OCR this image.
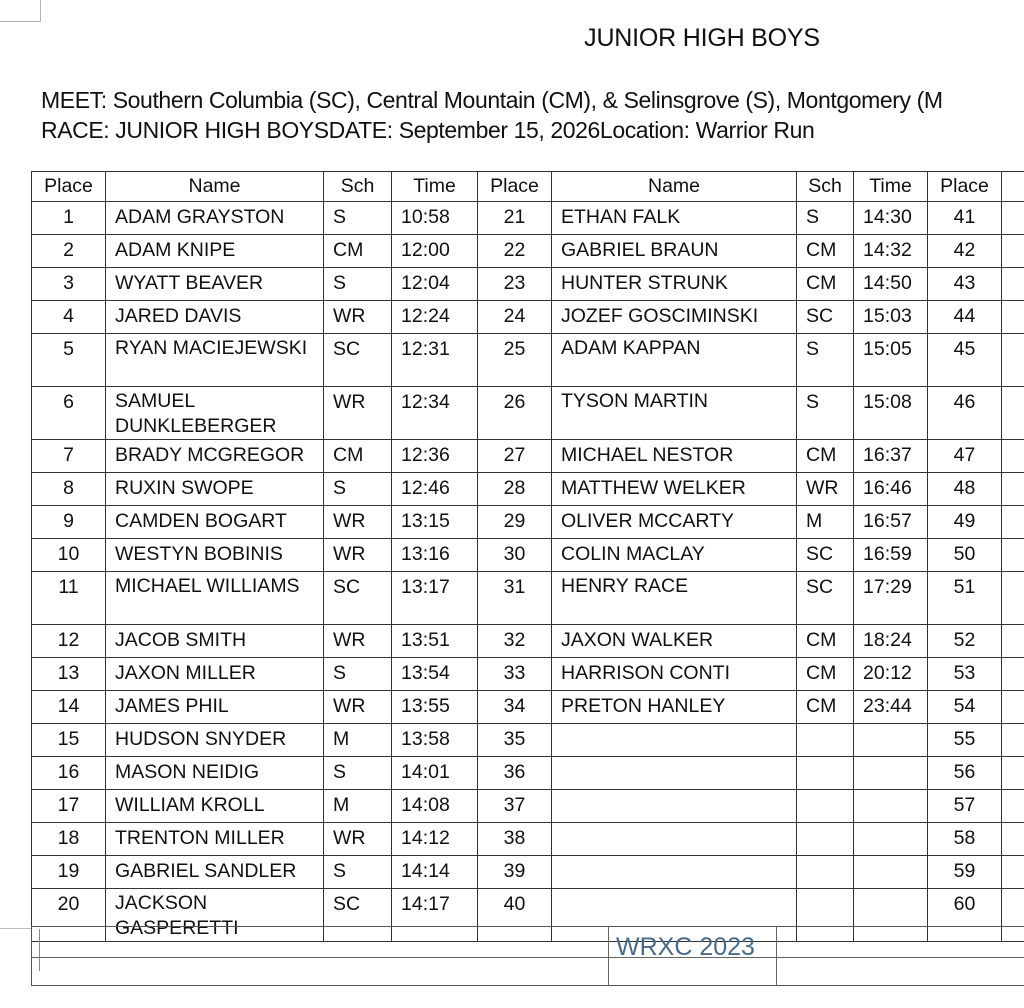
JUNIOR HIGH BOYS
MEET: Southern Columbia (SC), Central Mountain (CM), & Selinsgrove (S), Montgomery (M
RACE: JUNIOR HIGH BOYSDATE: September 15, 2026Location: Warrior Run
Place	Name	Sch	Time	Place	Name	Sch	Time	Place	
1	ADAM GRAYSTON	S	10:58	21	ETHAN FALK	S	14:30	41	
2	ADAM KNIPE	CM	12:00	22	GABRIEL BRAUN	CM	14:32	42	
3	WYATT BEAVER	S	12:04	23	HUNTER STRUNK	CM	14:50	43	
4	JARED DAVIS	WR	12:24	24	JOZEF GOSCIMINSKI	SC	15:03	44	
5	RYAN MACIEJEWSKI	SC	12:31	25	ADAM KAPPAN	S	15:05	45	
6	SAMUEL DUNKLEBERGER	WR	12:34	26	TYSON MARTIN	S	15:08	46	
7	BRADY MCGREGOR	CM	12:36	27	MICHAEL NESTOR	CM	16:37	47	
8	RUXIN SWOPE	S	12:46	28	MATTHEW WELKER	WR	16:46	48	
9	CAMDEN BOGART	WR	13:15	29	OLIVER MCCARTY	M	16:57	49	
10	WESTYN BOBINIS	WR	13:16	30	COLIN MACLAY	SC	16:59	50	
11	MICHAEL WILLIAMS	SC	13:17	31	HENRY RACE	SC	17:29	51	
12	JACOB SMITH	WR	13:51	32	JAXON WALKER	CM	18:24	52	
13	JAXON MILLER	S	13:54	33	HARRISON CONTI	CM	20:12	53	
14	JAMES PHIL	WR	13:55	34	PRETON HANLEY	CM	23:44	54	
15	HUDSON SNYDER	M	13:58	35				55	
16	MASON NEIDIG	S	14:01	36				56	
17	WILLIAM KROLL	M	14:08	37				57	
18	TRENTON MILLER	WR	14:12	38				58	
19	GABRIEL SANDLER	S	14:14	39				59	
20	JACKSON GASPERETTI	SC	14:17	40				60	
WRXC 2023
